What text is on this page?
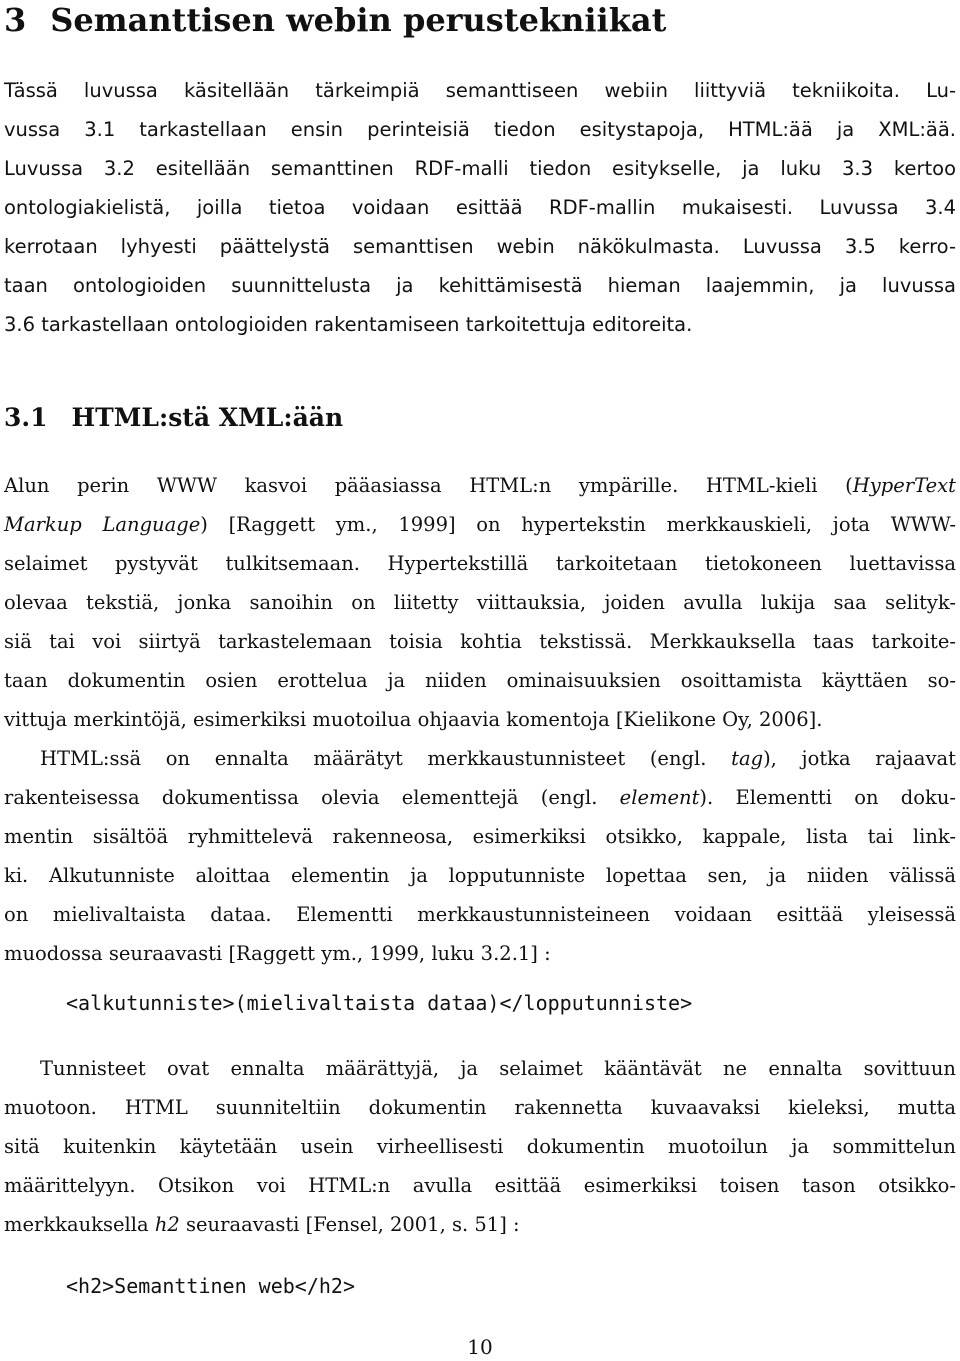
3 Semanttisen webin perustekniikat
Tässä luvussa käsitellään tärkeimpiä semanttiseen webiin liittyviä tekniikoita. Lu-
vussa 3.1 tarkastellaan ensin perinteisiä tiedon esitystapoja, HTML:ää ja XML:ää.
Luvussa 3.2 esitellään semanttinen RDF-malli tiedon esitykselle, ja luku 3.3 kertoo
ontologiakielistä, joilla tietoa voidaan esittää RDF-mallin mukaisesti. Luvussa 3.4
kerrotaan lyhyesti päättelystä semanttisen webin näkökulmasta. Luvussa 3.5 kerro-
taan ontologioiden suunnittelusta ja kehittämisestä hieman laajemmin, ja luvussa
3.6 tarkastellaan ontologioiden rakentamiseen tarkoitettuja editoreita.
3.1 HTML:stä XML:ään
Alun perin WWW kasvoi pääasiassa HTML:n ympärille. HTML-kieli (HyperText
Markup Language) [Raggett ym., 1999] on hypertekstin merkkauskieli, jota WWW-
selaimet pystyvät tulkitsemaan. Hypertekstillä tarkoitetaan tietokoneen luettavissa
olevaa tekstiä, jonka sanoihin on liitetty viittauksia, joiden avulla lukija saa selityk-
siä tai voi siirtyä tarkastelemaan toisia kohtia tekstissä. Merkkauksella taas tarkoite-
taan dokumentin osien erottelua ja niiden ominaisuuksien osoittamista käyttäen so-
vittuja merkintöjä, esimerkiksi muotoilua ohjaavia komentoja [Kielikone Oy, 2006].
HTML:ssä on ennalta määrätyt merkkaustunnisteet (engl. tag), jotka rajaavat
rakenteisessa dokumentissa olevia elementtejä (engl. element). Elementti on doku-
mentin sisältöä ryhmittelevä rakenneosa, esimerkiksi otsikko, kappale, lista tai link-
ki. Alkutunniste aloittaa elementin ja lopputunniste lopettaa sen, ja niiden välissä
on mielivaltaista dataa. Elementti merkkaustunnisteineen voidaan esittää yleisessä
muodossa seuraavasti [Raggett ym., 1999, luku 3.2.1] :
<alkutunniste>(mielivaltaista dataa)</lopputunniste>
Tunnisteet ovat ennalta määrättyjä, ja selaimet kääntävät ne ennalta sovittuun
muotoon. HTML suunniteltiin dokumentin rakennetta kuvaavaksi kieleksi, mutta
sitä kuitenkin käytetään usein virheellisesti dokumentin muotoilun ja sommittelun
määrittelyyn. Otsikon voi HTML:n avulla esittää esimerkiksi toisen tason otsikko-
merkkauksella h2 seuraavasti [Fensel, 2001, s. 51] :
<h2>Semanttinen web</h2>
10
